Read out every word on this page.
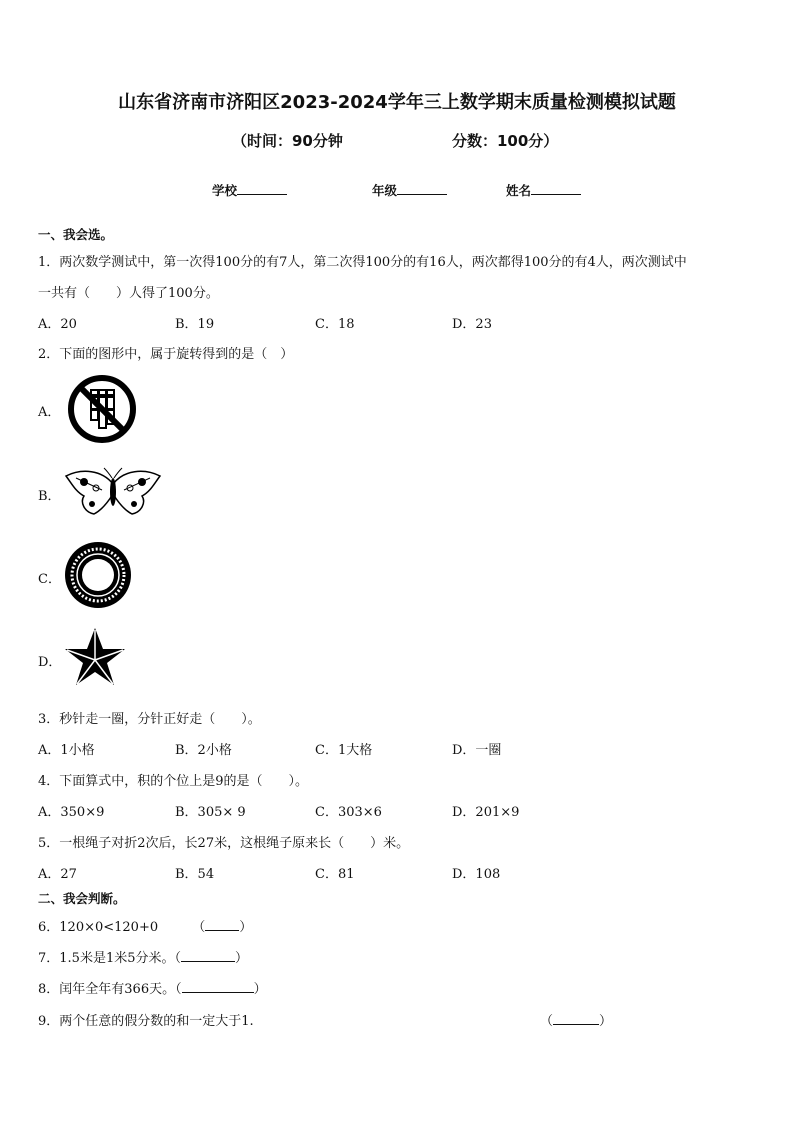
山东省济南市济阳区2023-2024学年三上数学期末质量检测模拟试题
（时间：90分钟	分数：100分）
学校	年级	姓名
一、我会选。
1．两次数学测试中，第一次得100分的有7人，第二次得100分的有16人，两次都得100分的有4人，两次测试中
一共有（　　）人得了100分。
A．20	B．19	C．18	D．23
2．下面的图形中，属于旋转得到的是（　）
A．
B．
C．
D．
3．秒针走一圈，分针正好走（　　）。
A．1小格	B．2小格	C．1大格	D．一圈
4．下面算式中，积的个位上是9的是（　　）。
A．350×9	B．305× 9	C．303×6	D．201×9
5．一根绳子对折2次后，长27米，这根绳子原来长（　　）米。
A．27	B．54	C．81	D．108
二、我会判断。
6．120×0<120+0	（	）
7．1.5米是1米5分米。（	）
8．闰年全年有366天。（	）
9．两个任意的假分数的和一定大于1.	（	）
